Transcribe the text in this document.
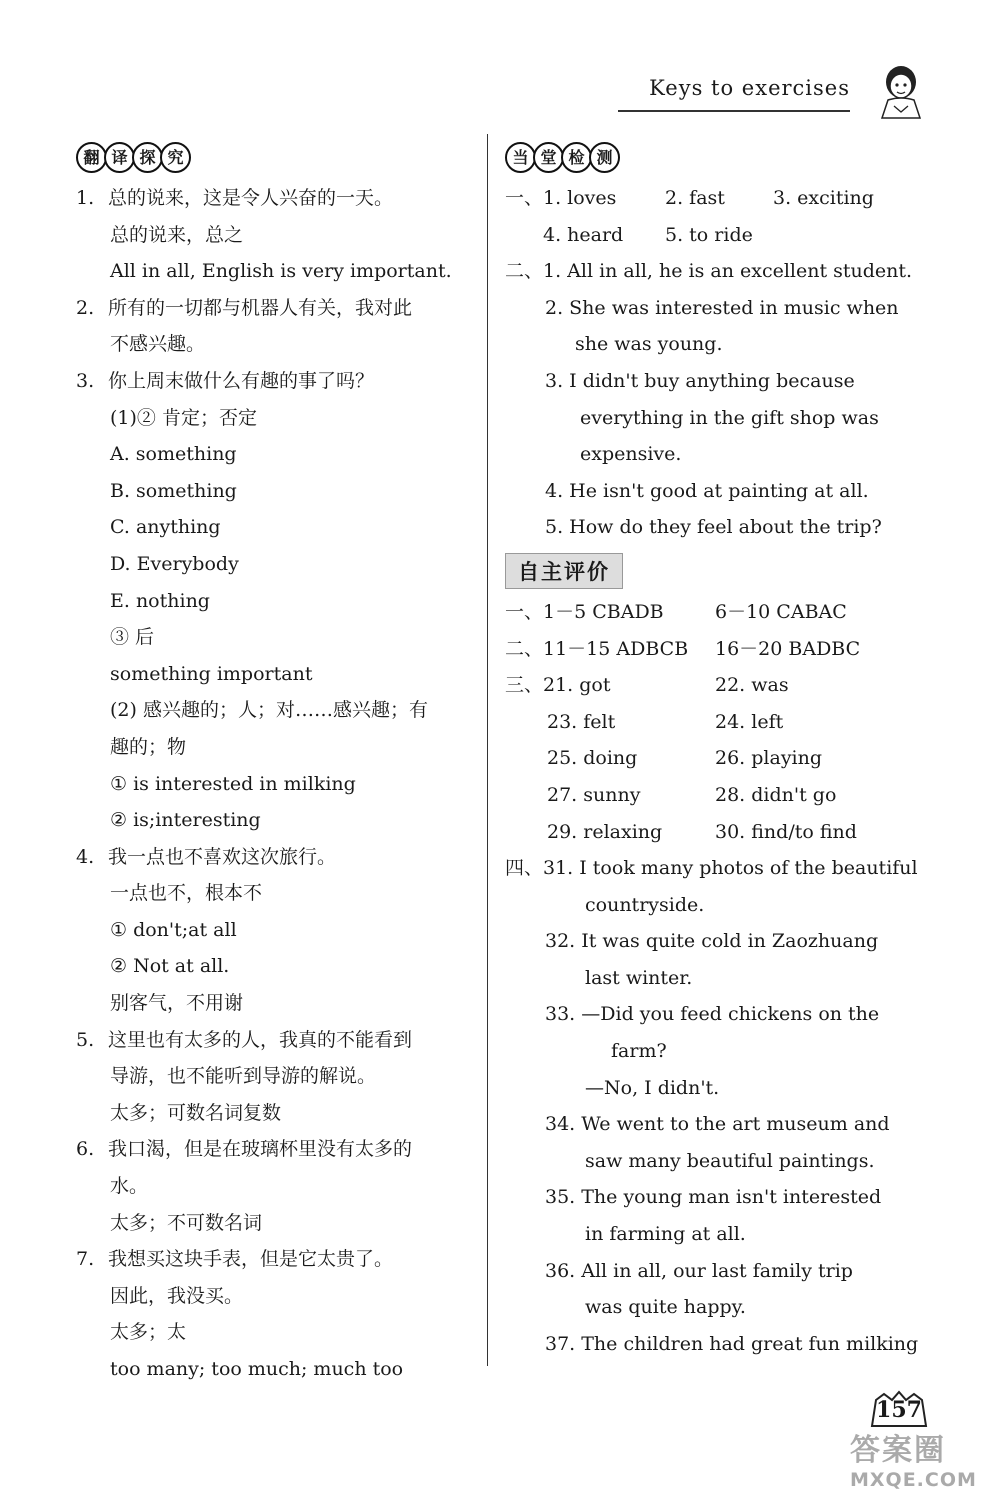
Keys to exercises
翻 译 探 究
1. 总的说来，这是令人兴奋的一天。
总的说来，总之
All in all, English is very important.
2. 所有的一切都与机器人有关，我对此
不感兴趣。
3. 你上周末做什么有趣的事了吗？
(1)② 肯定；否定
A. something
B. something
C. anything
D. Everybody
E. nothing
③ 后
something important
(2) 感兴趣的；人；对……感兴趣；有
趣的；物
① is interested in milking
② is;interesting
4. 我一点也不喜欢这次旅行。
一点也不，根本不
① don't;at all
② Not at all.
别客气，不用谢
5. 这里也有太多的人，我真的不能看到
导游，也不能听到导游的解说。
太多；可数名词复数
6. 我口渴，但是在玻璃杯里没有太多的
水。
太多；不可数名词
7. 我想买这块手表，但是它太贵了。
因此，我没买。
太多；太
too many; too much; much too
当 堂 检 测
一、 1. loves	2. fast	3. exciting
4. heard 5. to ride
二、1. All in all, he is an excellent student.
2. She was interested in music when
she was young.
3. I didn't buy anything because
everything in the gift shop was
expensive.
4. He isn't good at painting at all.
5. How do they feel about the trip?
自主评价
一、1－5 CBADB	6－10 CABAC
二、11－15 ADBCB 16－20 BADBC
三、21. got	22. was
23. felt	24. left
25. doing	26. playing
27. sunny	28. didn't go
29. relaxing	30. find/to find
四、31. I took many photos of the beautiful
countryside.
32. It was quite cold in Zaozhuang
last winter.
33. —Did you feed chickens on the
farm?
—No, I didn't.
34. We went to the art museum and
saw many beautiful paintings.
35. The young man isn't interested
in farming at all.
36. All in all, our last family trip
was quite happy.
37. The children had great fun milking
157
答案圈
MXQE.COM
